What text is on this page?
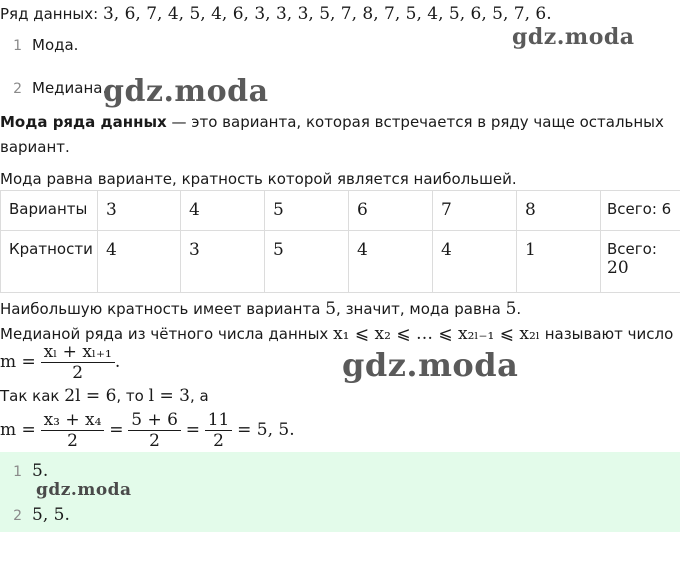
Ряд данных: 3, 6, 7, 4, 5, 4, 6, 3, 3, 3, 5, 7, 8, 7, 5, 4, 5, 6, 5, 7, 6.
1 Мода.
2 Медиана.
gdz.moda
gdz.moda
gdz.moda
Мода ряда данных — это варианта, которая встречается в ряду чаще остальных
вариант.
Мода равна варианте, кратность которой является наибольшей.
Варианты	3	4	5	6	7	8	Всего: 6
Кратности	4	3	5	4	4	1	Всего:
20
Наибольшую кратность имеет варианта 5, значит, мода равна 5.
Медианой ряда из чётного числа данных x₁ ⩽ x₂ ⩽ … ⩽ x₂ₗ₋₁ ⩽ x₂ₗ называют число
$m = \frac{\text{xₗ + xₗ₊₁}}{2}$ .
Так как 2l = 6, то l = 3, а
$m = \frac{\text{x₃ + x₄}}{2} = \frac{5 + 6}{2} = \frac{11}{2} = 5$, 5.
1 5.
gdz.moda
2 5, 5.
